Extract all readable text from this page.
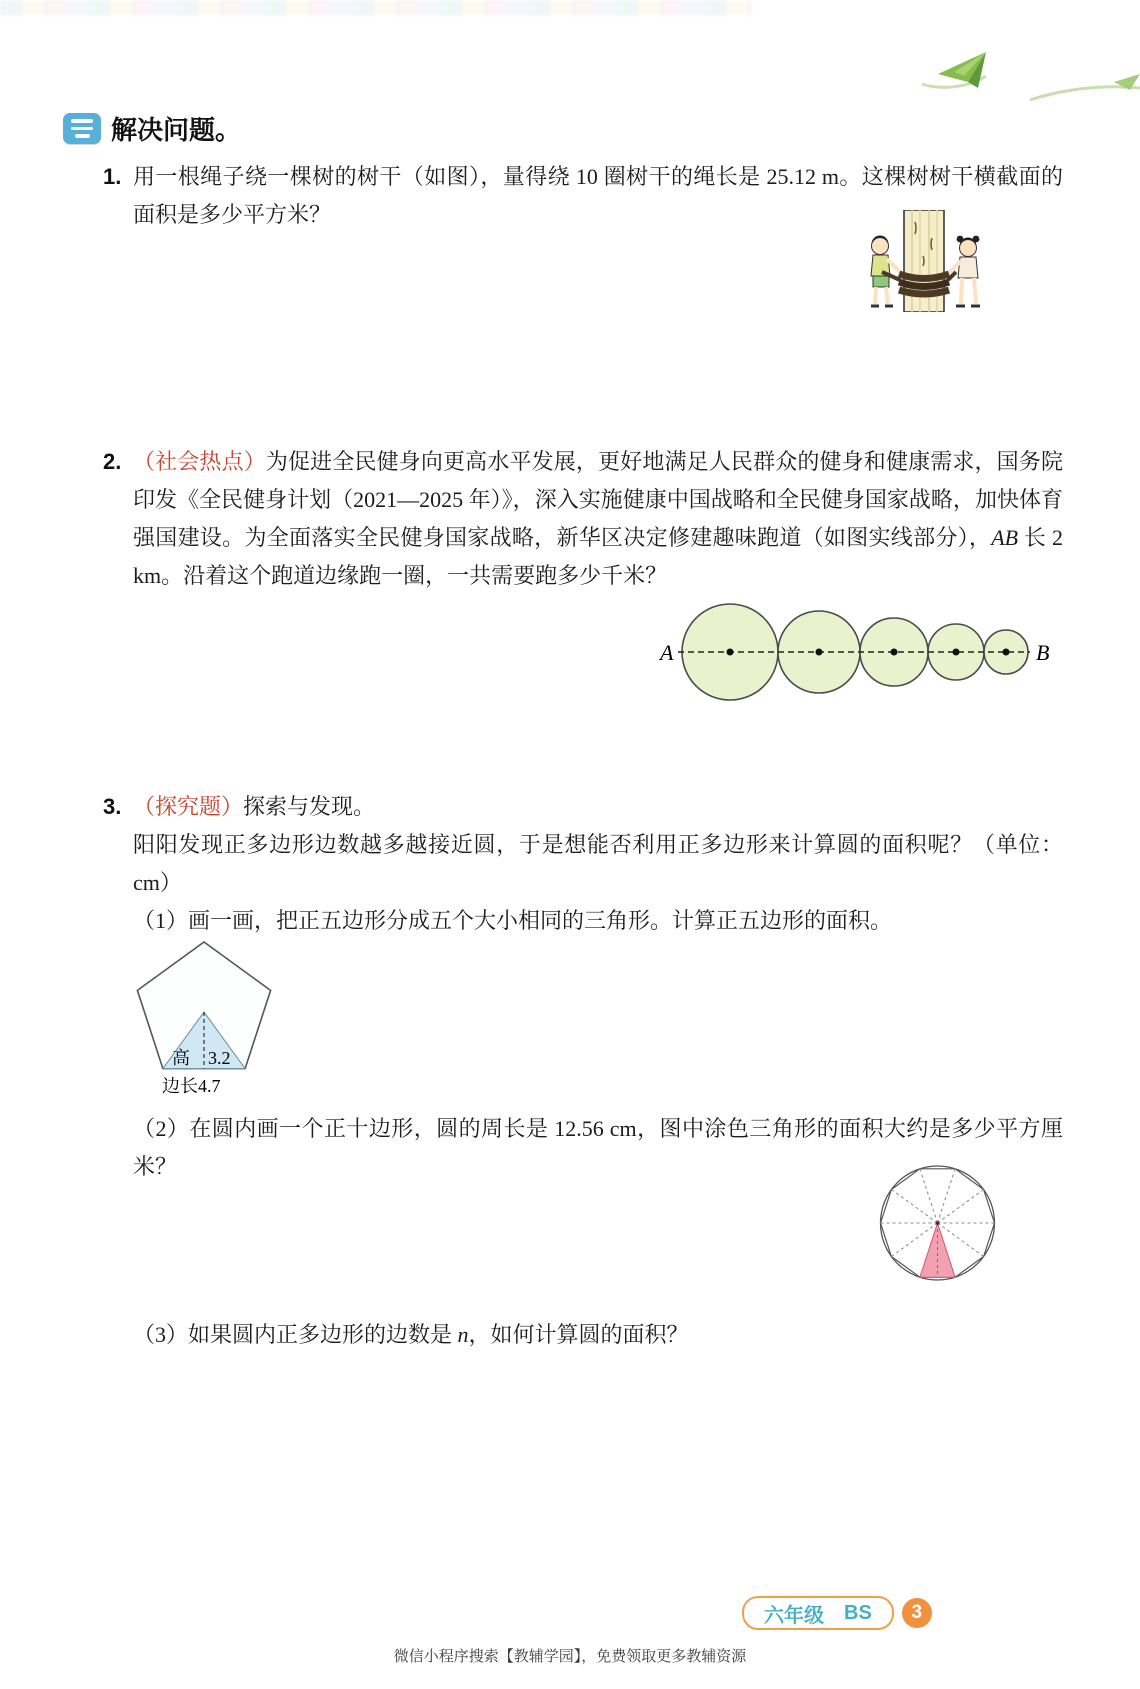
解决问题。
1. 用一根绳子绕一棵树的树干（如图），量得绕 10 圈树干的绳长是 25.12 m。这棵树树干横截面的面积是多少平方米？

2. （社会热点）为促进全民健身向更高水平发展，更好地满足人民群众的健身和健康需求，国务院印发《全民健身计划（2021—2025 年）》，深入实施健康中国战略和全民健身国家战略，加快体育强国建设。为全面落实全民健身国家战略，新华区决定修建趣味跑道（如图实线部分），AB 长 2 km。沿着这个跑道边缘跑一圈，一共需要跑多少千米？

A	B
3. （探究题）探索与发现。

阳阳发现正多边形边数越多越接近圆，于是想能否利用正多边形来计算圆的面积呢？（单位：cm）

（1）画一画，把正五边形分成五个大小相同的三角形。计算正五边形的面积。

高 3.2
边长4.7

（2）在圆内画一个正十边形，圆的周长是 12.56 cm，图中涂色三角形的面积大约是多少平方厘米？

（3）如果圆内正多边形的边数是 n，如何计算圆的面积？

六年级 BS	3
微信小程序搜索【教辅学园】，免费领取更多教辅资源
